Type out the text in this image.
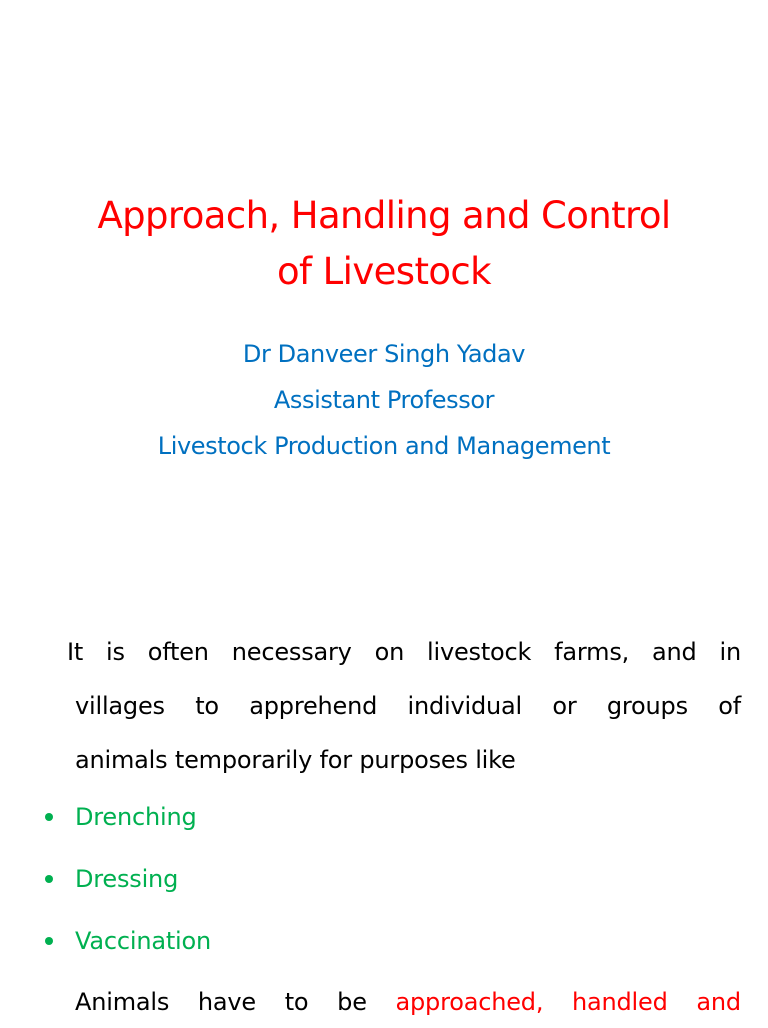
Approach, Handling and Control
of Livestock
Dr Danveer Singh Yadav
Assistant Professor
Livestock Production and Management
It is often necessary on livestock farms, and in
villages to apprehend individual or groups of
animals temporarily for purposes like
Drenching
Dressing
Vaccination
Animals have to be approached, handled and
